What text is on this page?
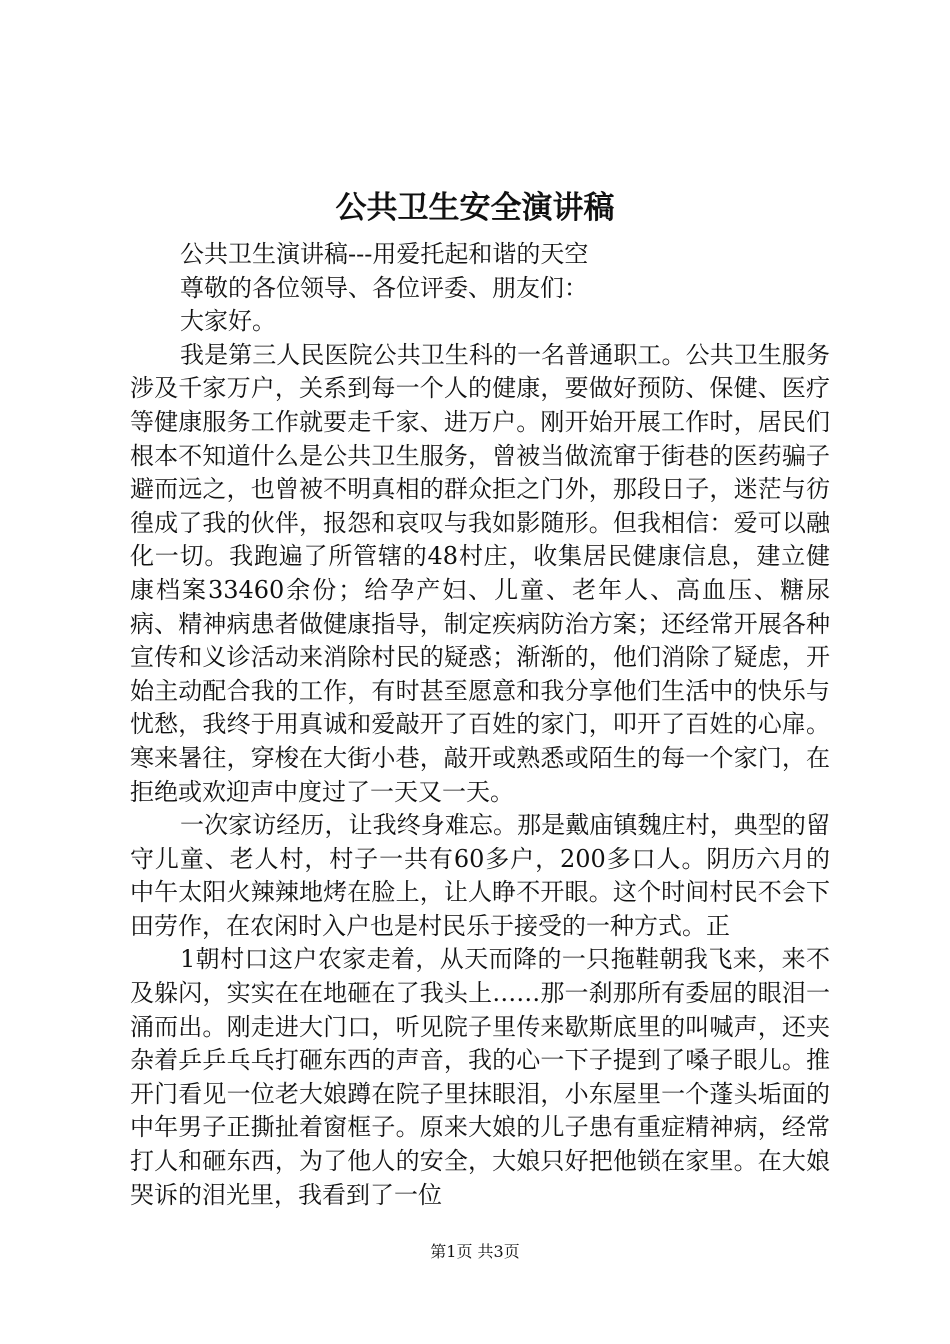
公共卫生安全演讲稿

公共卫生演讲稿---用爱托起和谐的天空

尊敬的各位领导、各位评委、朋友们：

大家好。

我是第三人民医院公共卫生科的一名普通职工。公共卫生服务涉及千家万户，关系到每一个人的健康，要做好预防、保健、医疗等健康服务工作就要走千家、进万户。刚开始开展工作时，居民们根本不知道什么是公共卫生服务，曾被当做流窜于街巷的医药骗子避而远之，也曾被不明真相的群众拒之门外，那段日子，迷茫与彷徨成了我的伙伴，报怨和哀叹与我如影随形。但我相信：爱可以融化一切。我跑遍了所管辖的48村庄，收集居民健康信息，建立健康档案33460余份；给孕产妇、儿童、老年人、高血压、糖尿病、精神病患者做健康指导，制定疾病防治方案；还经常开展各种宣传和义诊活动来消除村民的疑惑；渐渐的，他们消除了疑虑，开始主动配合我的工作，有时甚至愿意和我分享他们生活中的快乐与忧愁，我终于用真诚和爱敲开了百姓的家门，叩开了百姓的心扉。寒来暑往，穿梭在大街小巷，敲开或熟悉或陌生的每一个家门，在拒绝或欢迎声中度过了一天又一天。

一次家访经历，让我终身难忘。那是戴庙镇魏庄村，典型的留守儿童、老人村，村子一共有60多户，200多口人。阴历六月的中午太阳火辣辣地烤在脸上，让人睁不开眼。这个时间村民不会下田劳作，在农闲时入户也是村民乐于接受的一种方式。正

1朝村口这户农家走着，从天而降的一只拖鞋朝我飞来，来不及躲闪，实实在在地砸在了我头上……那一刹那所有委屈的眼泪一涌而出。刚走进大门口，听见院子里传来歇斯底里的叫喊声，还夹杂着乒乒乓乓打砸东西的声音，我的心一下子提到了嗓子眼儿。推开门看见一位老大娘蹲在院子里抹眼泪，小东屋里一个蓬头垢面的中年男子正撕扯着窗框子。原来大娘的儿子患有重症精神病，经常打人和砸东西，为了他人的安全，大娘只好把他锁在家里。在大娘哭诉的泪光里，我看到了一位

第1页 共3页
